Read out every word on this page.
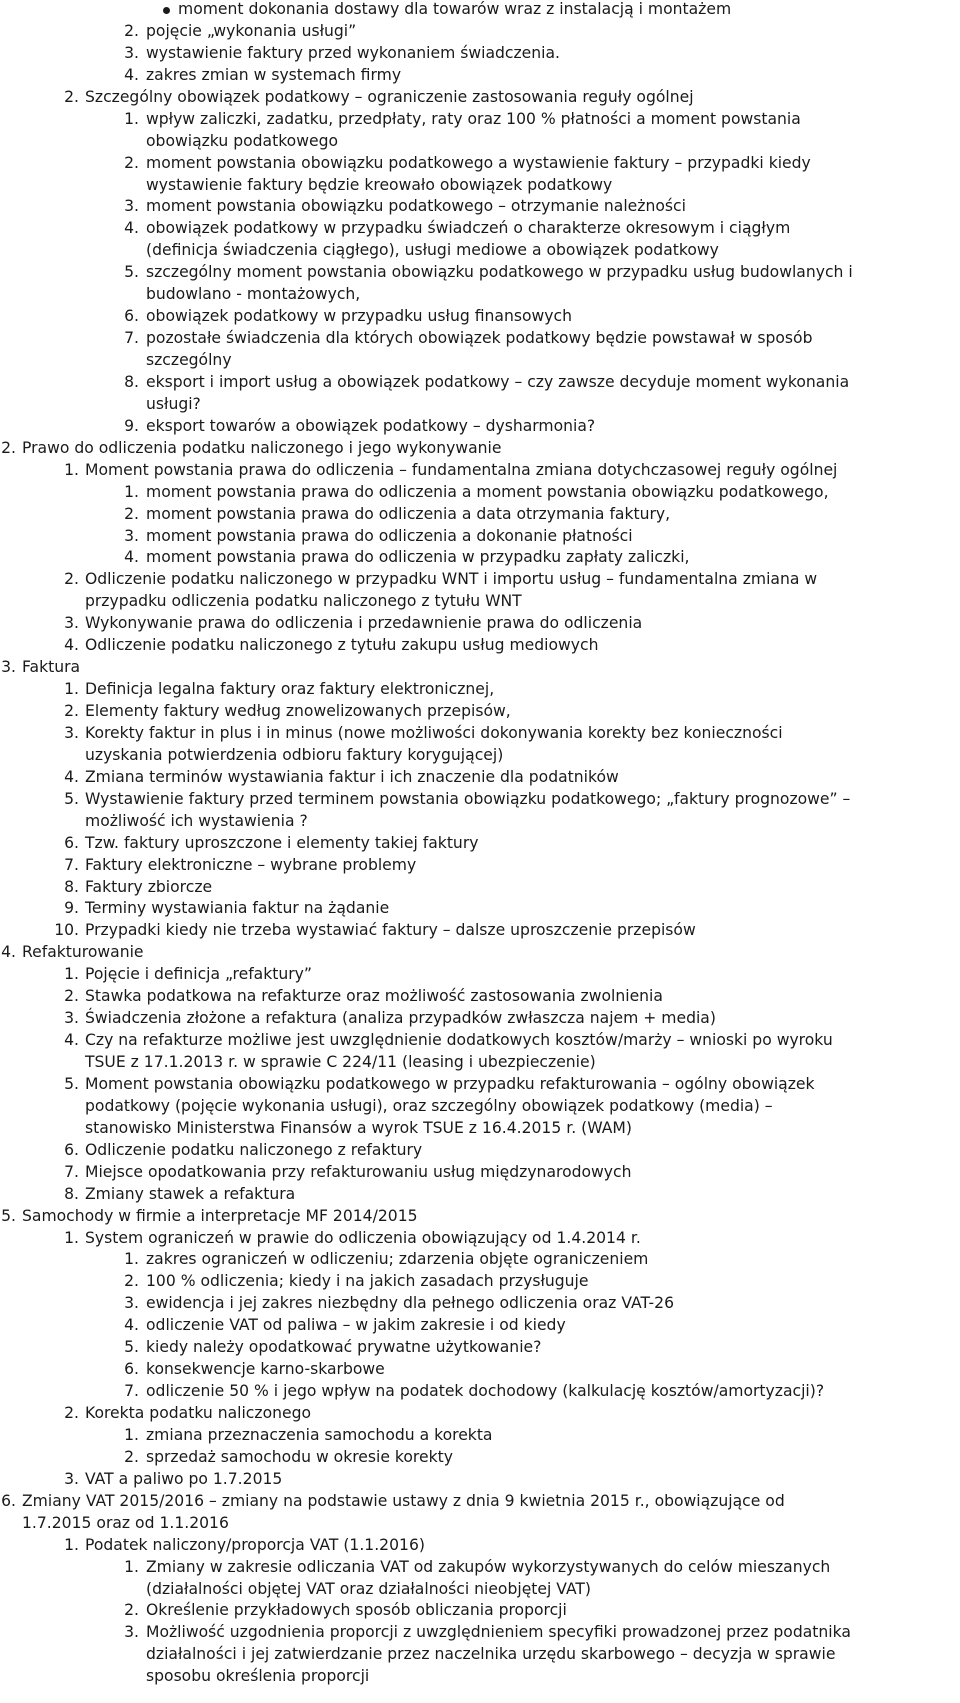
moment dokonania dostawy dla towarów wraz z instalacją i montażem
2. pojęcie „wykonania usługi”
3. wystawienie faktury przed wykonaniem świadczenia.
4. zakres zmian w systemach firmy
2. Szczególny obowiązek podatkowy – ograniczenie zastosowania reguły ogólnej
1. wpływ zaliczki, zadatku, przedpłaty, raty oraz 100 % płatności a moment powstania
obowiązku podatkowego
2. moment powstania obowiązku podatkowego a wystawienie faktury – przypadki kiedy
wystawienie faktury będzie kreowało obowiązek podatkowy
3. moment powstania obowiązku podatkowego – otrzymanie należności
4. obowiązek podatkowy w przypadku świadczeń o charakterze okresowym i ciągłym
(definicja świadczenia ciągłego), usługi mediowe a obowiązek podatkowy
5. szczególny moment powstania obowiązku podatkowego w przypadku usług budowlanych i
budowlano - montażowych,
6. obowiązek podatkowy w przypadku usług finansowych
7. pozostałe świadczenia dla których obowiązek podatkowy będzie powstawał w sposób
szczególny
8. eksport i import usług a obowiązek podatkowy – czy zawsze decyduje moment wykonania
usługi?
9. eksport towarów a obowiązek podatkowy – dysharmonia?
2. Prawo do odliczenia podatku naliczonego i jego wykonywanie
1. Moment powstania prawa do odliczenia – fundamentalna zmiana dotychczasowej reguły ogólnej
1. moment powstania prawa do odliczenia a moment powstania obowiązku podatkowego,
2. moment powstania prawa do odliczenia a data otrzymania faktury,
3. moment powstania prawa do odliczenia a dokonanie płatności
4. moment powstania prawa do odliczenia w przypadku zapłaty zaliczki,
2. Odliczenie podatku naliczonego w przypadku WNT i importu usług – fundamentalna zmiana w
przypadku odliczenia podatku naliczonego z tytułu WNT
3. Wykonywanie prawa do odliczenia i przedawnienie prawa do odliczenia
4. Odliczenie podatku naliczonego z tytułu zakupu usług mediowych
3. Faktura
1. Definicja legalna faktury oraz faktury elektronicznej,
2. Elementy faktury według znowelizowanych przepisów,
3. Korekty faktur in plus i in minus (nowe możliwości dokonywania korekty bez konieczności
uzyskania potwierdzenia odbioru faktury korygującej)
4. Zmiana terminów wystawiania faktur i ich znaczenie dla podatników
5. Wystawienie faktury przed terminem powstania obowiązku podatkowego; „faktury prognozowe” –
możliwość ich wystawienia ?
6. Tzw. faktury uproszczone i elementy takiej faktury
7. Faktury elektroniczne – wybrane problemy
8. Faktury zbiorcze
9. Terminy wystawiania faktur na żądanie
10. Przypadki kiedy nie trzeba wystawiać faktury – dalsze uproszczenie przepisów
4. Refakturowanie
1. Pojęcie i definicja „refaktury”
2. Stawka podatkowa na refakturze oraz możliwość zastosowania zwolnienia
3. Świadczenia złożone a refaktura (analiza przypadków zwłaszcza najem + media)
4. Czy na refakturze możliwe jest uwzględnienie dodatkowych kosztów/marży – wnioski po wyroku
TSUE z 17.1.2013 r. w sprawie C 224/11 (leasing i ubezpieczenie)
5. Moment powstania obowiązku podatkowego w przypadku refakturowania – ogólny obowiązek
podatkowy (pojęcie wykonania usługi), oraz szczególny obowiązek podatkowy (media) –
stanowisko Ministerstwa Finansów a wyrok TSUE z 16.4.2015 r. (WAM)
6. Odliczenie podatku naliczonego z refaktury
7. Miejsce opodatkowania przy refakturowaniu usług międzynarodowych
8. Zmiany stawek a refaktura
5. Samochody w firmie a interpretacje MF 2014/2015
1. System ograniczeń w prawie do odliczenia obowiązujący od 1.4.2014 r.
1. zakres ograniczeń w odliczeniu; zdarzenia objęte ograniczeniem
2. 100 % odliczenia; kiedy i na jakich zasadach przysługuje
3. ewidencja i jej zakres niezbędny dla pełnego odliczenia oraz VAT-26
4. odliczenie VAT od paliwa – w jakim zakresie i od kiedy
5. kiedy należy opodatkować prywatne użytkowanie?
6. konsekwencje karno-skarbowe
7. odliczenie 50 % i jego wpływ na podatek dochodowy (kalkulację kosztów/amortyzacji)?
2. Korekta podatku naliczonego
1. zmiana przeznaczenia samochodu a korekta
2. sprzedaż samochodu w okresie korekty
3. VAT a paliwo po 1.7.2015
6. Zmiany VAT 2015/2016 – zmiany na podstawie ustawy z dnia 9 kwietnia 2015 r., obowiązujące od
1.7.2015 oraz od 1.1.2016
1. Podatek naliczony/proporcja VAT (1.1.2016)
1. Zmiany w zakresie odliczania VAT od zakupów wykorzystywanych do celów mieszanych
(działalności objętej VAT oraz działalności nieobjętej VAT)
2. Określenie przykładowych sposób obliczania proporcji
3. Możliwość uzgodnienia proporcji z uwzględnieniem specyfiki prowadzonej przez podatnika
działalności i jej zatwierdzanie przez naczelnika urzędu skarbowego – decyzja w sprawie
sposobu określenia proporcji
